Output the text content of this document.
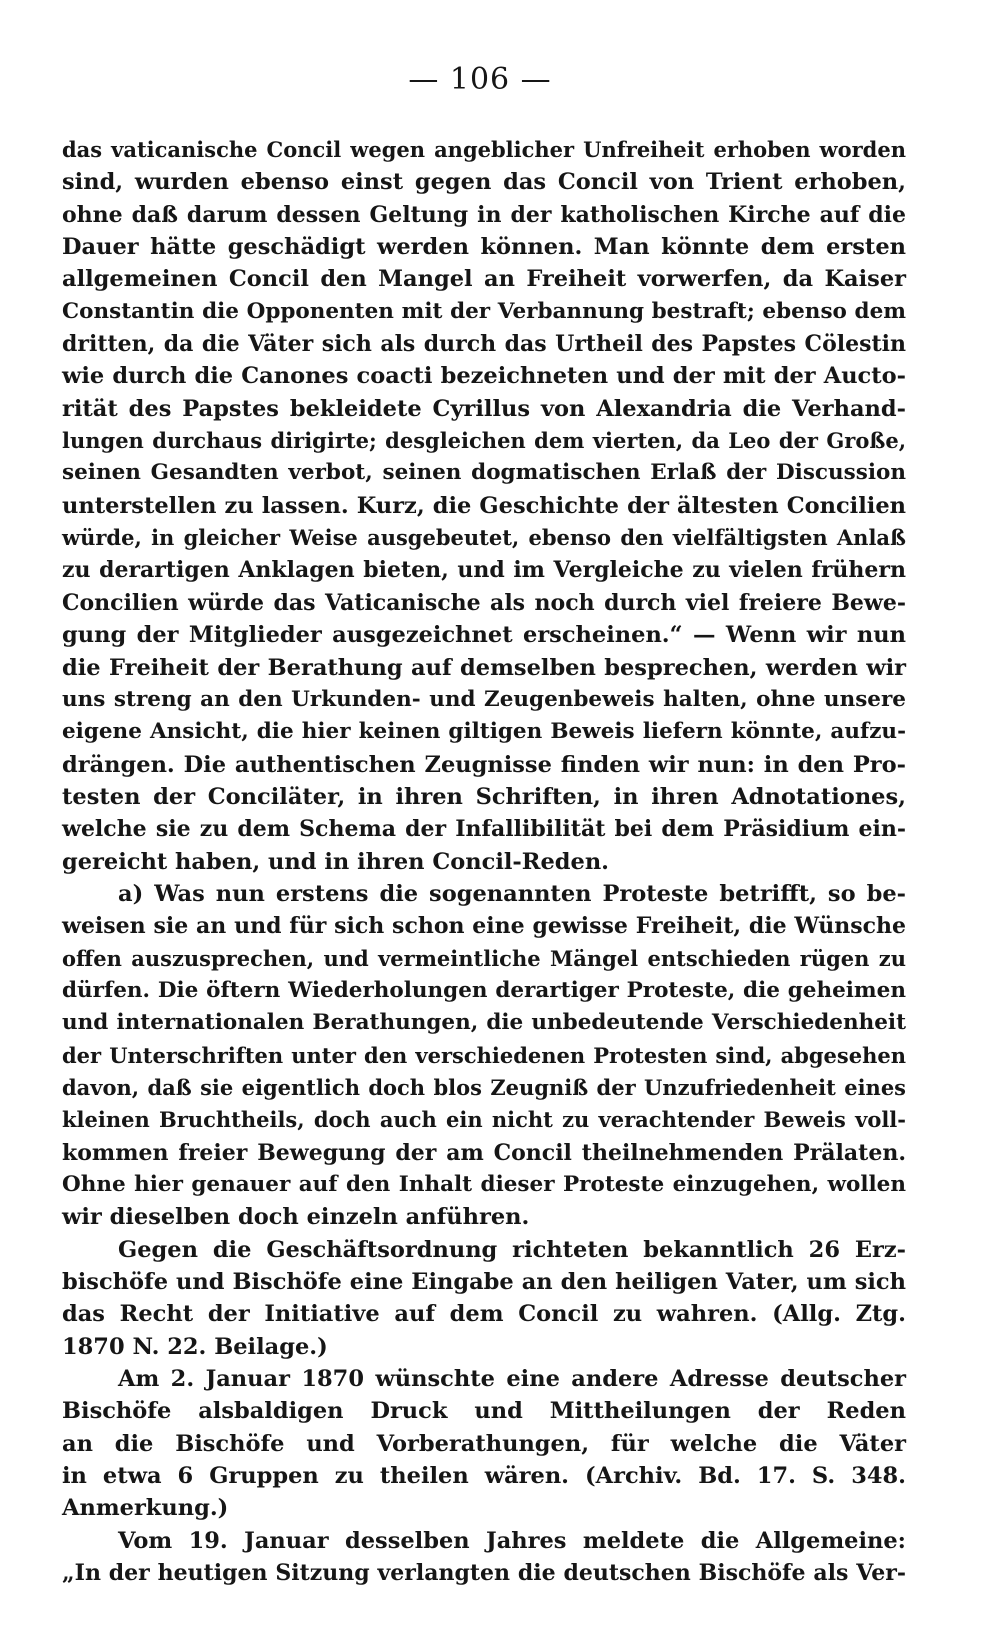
— 106 —
das vaticanische Concil wegen angeblicher Unfreiheit erhoben worden
sind, wurden ebenso einst gegen das Concil von Trient erhoben,
ohne daß darum dessen Geltung in der katholischen Kirche auf die
Dauer hätte geschädigt werden können. Man könnte dem ersten
allgemeinen Concil den Mangel an Freiheit vorwerfen, da Kaiser
Constantin die Opponenten mit der Verbannung bestraft; ebenso dem
dritten, da die Väter sich als durch das Urtheil des Papstes Cölestin
wie durch die Canones coacti bezeichneten und der mit der Aucto-
rität des Papstes bekleidete Cyrillus von Alexandria die Verhand-
lungen durchaus dirigirte; desgleichen dem vierten, da Leo der Große,
seinen Gesandten verbot, seinen dogmatischen Erlaß der Discussion
unterstellen zu lassen. Kurz, die Geschichte der ältesten Concilien
würde, in gleicher Weise ausgebeutet, ebenso den vielfältigsten Anlaß
zu derartigen Anklagen bieten, und im Vergleiche zu vielen frühern
Concilien würde das Vaticanische als noch durch viel freiere Bewe-
gung der Mitglieder ausgezeichnet erscheinen.“ — Wenn wir nun
die Freiheit der Berathung auf demselben besprechen, werden wir
uns streng an den Urkunden- und Zeugenbeweis halten, ohne unsere
eigene Ansicht, die hier keinen giltigen Beweis liefern könnte, aufzu-
drängen. Die authentischen Zeugnisse finden wir nun: in den Pro-
testen der Conciläter, in ihren Schriften, in ihren Adnotationes,
welche sie zu dem Schema der Infallibilität bei dem Präsidium ein-
gereicht haben, und in ihren Concil-Reden.
a) Was nun erstens die sogenannten Proteste betrifft, so be-
weisen sie an und für sich schon eine gewisse Freiheit, die Wünsche
offen auszusprechen, und vermeintliche Mängel entschieden rügen zu
dürfen. Die öftern Wiederholungen derartiger Proteste, die geheimen
und internationalen Berathungen, die unbedeutende Verschiedenheit
der Unterschriften unter den verschiedenen Protesten sind, abgesehen
davon, daß sie eigentlich doch blos Zeugniß der Unzufriedenheit eines
kleinen Bruchtheils, doch auch ein nicht zu verachtender Beweis voll-
kommen freier Bewegung der am Concil theilnehmenden Prälaten.
Ohne hier genauer auf den Inhalt dieser Proteste einzugehen, wollen
wir dieselben doch einzeln anführen.
Gegen die Geschäftsordnung richteten bekanntlich 26 Erz-
bischöfe und Bischöfe eine Eingabe an den heiligen Vater, um sich
das Recht der Initiative auf dem Concil zu wahren. (Allg. Ztg.
1870 N. 22. Beilage.)
Am 2. Januar 1870 wünschte eine andere Adresse deutscher
Bischöfe alsbaldigen Druck und Mittheilungen der Reden
an die Bischöfe und Vorberathungen, für welche die Väter
in etwa 6 Gruppen zu theilen wären. (Archiv. Bd. 17. S. 348.
Anmerkung.)
Vom 19. Januar desselben Jahres meldete die Allgemeine:
„In der heutigen Sitzung verlangten die deutschen Bischöfe als Ver-
